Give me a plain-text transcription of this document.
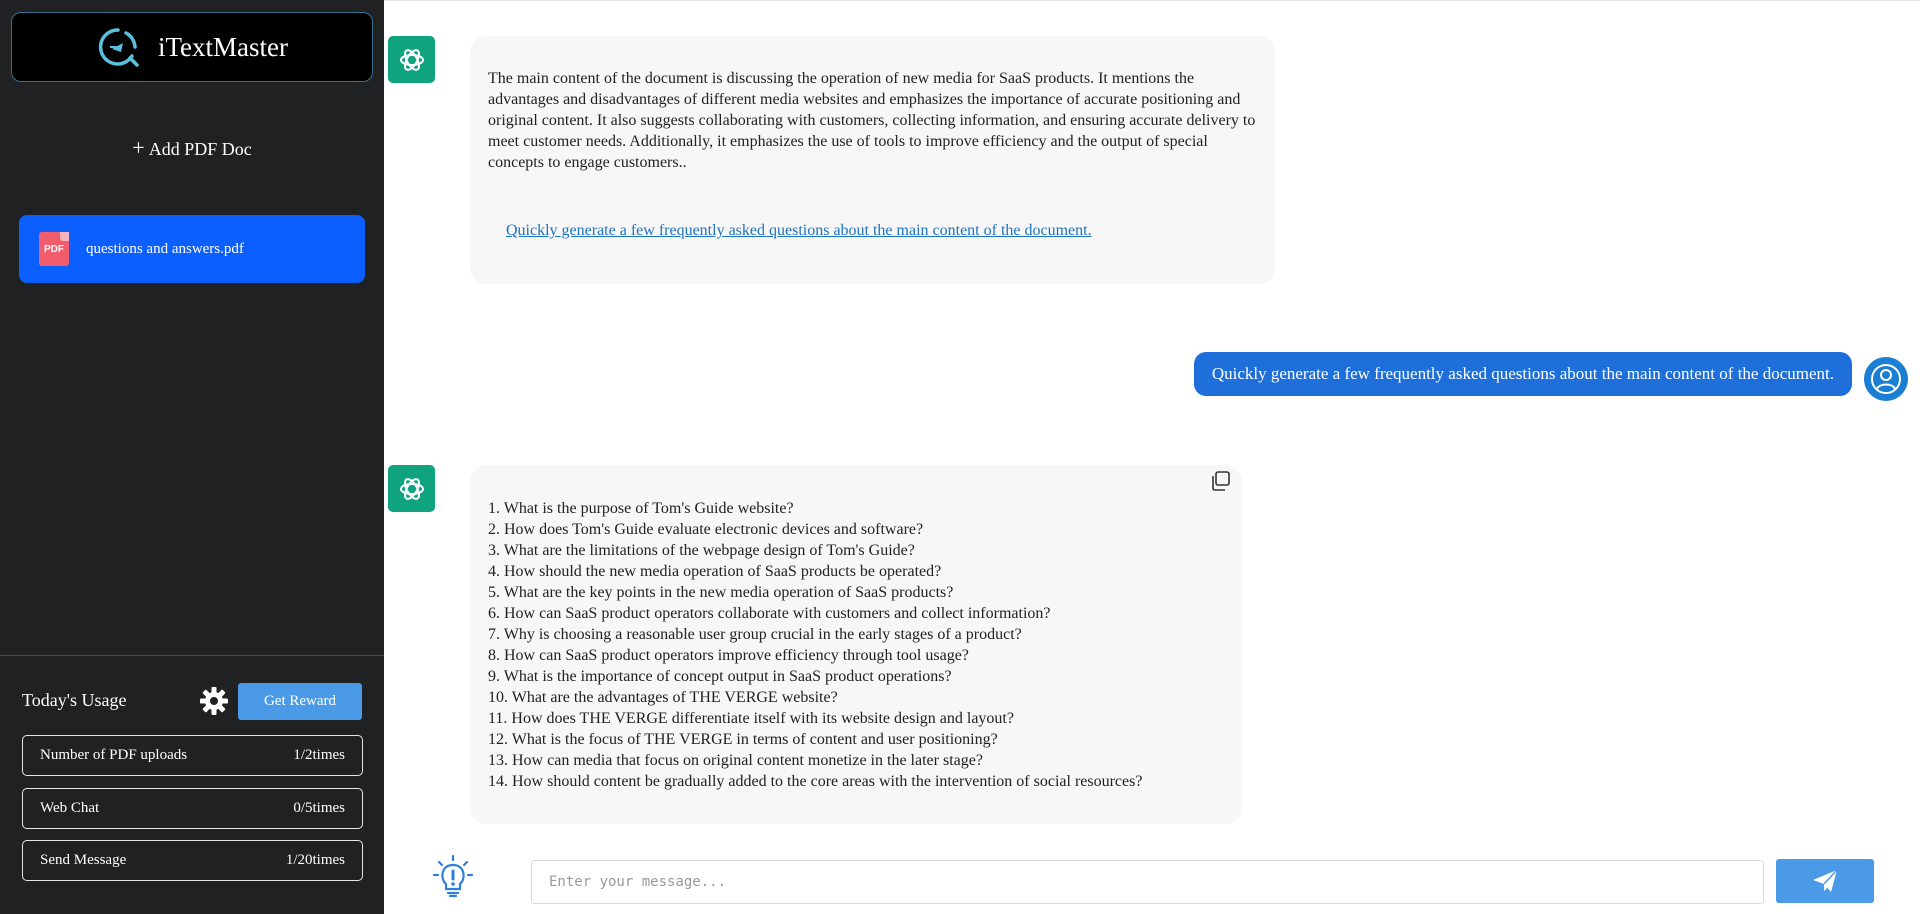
iTextMaster
+ Add PDF Doc
PDF questions and answers.pdf
Today's Usage	Get Reward
Number of PDF uploads	1/2times
Web Chat	0/5times
Send Message	1/20times
The main content of the document is discussing the operation of new media for SaaS products. It mentions the advantages and disadvantages of different media websites and emphasizes the importance of accurate positioning and original content. It also suggests collaborating with customers, collecting information, and ensuring accurate delivery to meet customer needs. Additionally, it emphasizes the use of tools to improve efficiency and the output of special concepts to engage customers..
Quickly generate a few frequently asked questions about the main content of the document.
Quickly generate a few frequently asked questions about the main content of the document.
1. What is the purpose of Tom's Guide website?
2. How does Tom's Guide evaluate electronic devices and software?
3. What are the limitations of the webpage design of Tom's Guide?
4. How should the new media operation of SaaS products be operated?
5. What are the key points in the new media operation of SaaS products?
6. How can SaaS product operators collaborate with customers and collect information?
7. Why is choosing a reasonable user group crucial in the early stages of a product?
8. How can SaaS product operators improve efficiency through tool usage?
9. What is the importance of concept output in SaaS product operations?
10. What are the advantages of THE VERGE website?
11. How does THE VERGE differentiate itself with its website design and layout?
12. What is the focus of THE VERGE in terms of content and user positioning?
13. How can media that focus on original content monetize in the later stage?
14. How should content be gradually added to the core areas with the intervention of social resources?
Enter your message...
